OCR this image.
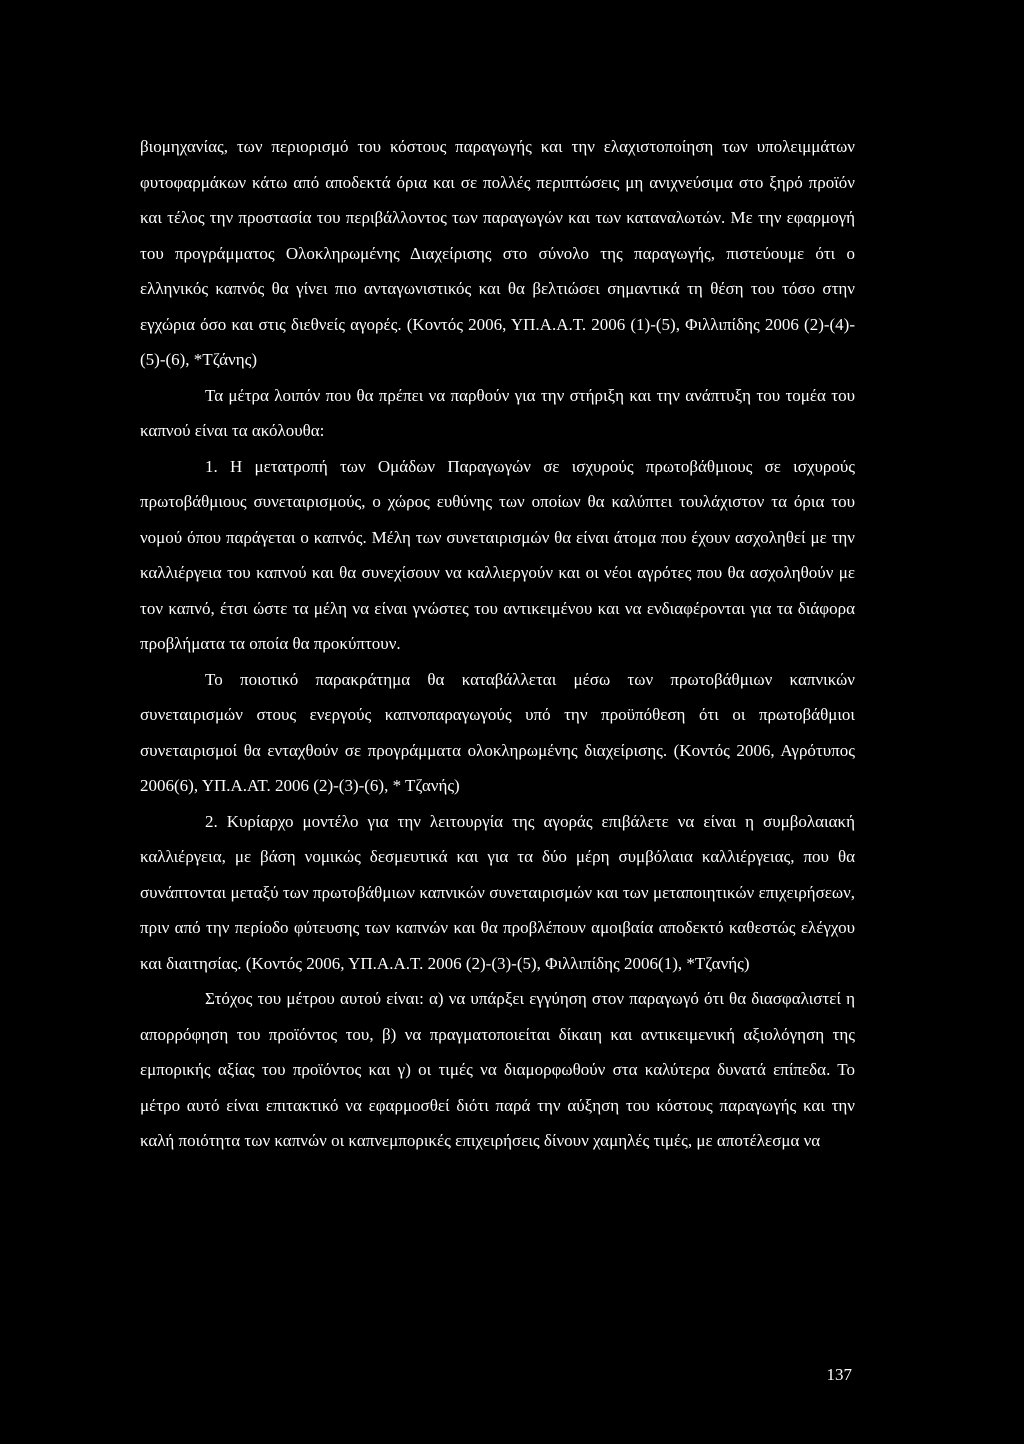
βιομηχανίας, των περιορισμό του κόστους παραγωγής και την ελαχιστοποίηση των υπολειμμάτων φυτοφαρμάκων κάτω από αποδεκτά όρια και σε πολλές περιπτώσεις μη ανιχνεύσιμα στο ξηρό προϊόν και τέλος την προστασία του περιβάλλοντος των παραγωγών και των καταναλωτών. Με την εφαρμογή του προγράμματος Ολοκληρωμένης Διαχείρισης στο σύνολο της παραγωγής, πιστεύουμε ότι ο ελληνικός καπνός θα γίνει πιο ανταγωνιστικός και θα βελτιώσει σημαντικά τη θέση του τόσο στην εγχώρια όσο και στις διεθνείς αγορές. (Κοντός 2006, ΥΠ.Α.Α.Τ. 2006 (1)-(5), Φιλλιπίδης 2006 (2)-(4)-(5)-(6), *Τζάνης)

Τα μέτρα λοιπόν που θα πρέπει να παρθούν για την στήριξη και την ανάπτυξη του τομέα του καπνού είναι τα ακόλουθα:

1. Η μετατροπή των Ομάδων Παραγωγών σε ισχυρούς πρωτοβάθμιους σε ισχυρούς πρωτοβάθμιους συνεταιρισμούς, ο χώρος ευθύνης των οποίων θα καλύπτει τουλάχιστον τα όρια του νομού όπου παράγεται ο καπνός. Μέλη των συνεταιρισμών θα είναι άτομα που έχουν ασχοληθεί με την καλλιέργεια του καπνού και θα συνεχίσουν να καλλιεργούν και οι νέοι αγρότες που θα ασχοληθούν με τον καπνό, έτσι ώστε τα μέλη να είναι γνώστες του αντικειμένου και να ενδιαφέρονται για τα διάφορα προβλήματα τα οποία θα προκύπτουν.

Το ποιοτικό παρακράτημα θα καταβάλλεται μέσω των πρωτοβάθμιων καπνικών συνεταιρισμών στους ενεργούς καπνοπαραγωγούς υπό την προϋπόθεση ότι οι πρωτοβάθμιοι συνεταιρισμοί θα ενταχθούν σε προγράμματα ολοκληρωμένης διαχείρισης. (Κοντός 2006, Αγρότυπος 2006(6), ΥΠ.Α.ΑΤ. 2006 (2)-(3)-(6), * Τζανής)

2. Κυρίαρχο μοντέλο για την λειτουργία της αγοράς επιβάλετε να είναι η συμβολαιακή καλλιέργεια, με βάση νομικώς δεσμευτικά και για τα δύο μέρη συμβόλαια καλλιέργειας, που θα συνάπτονται μεταξύ των πρωτοβάθμιων καπνικών συνεταιρισμών και των μεταποιητικών επιχειρήσεων, πριν από την περίοδο φύτευσης των καπνών και θα προβλέπουν αμοιβαία αποδεκτό καθεστώς ελέγχου και διαιτησίας. (Κοντός 2006, ΥΠ.Α.Α.Τ. 2006 (2)-(3)-(5), Φιλλιπίδης 2006(1), *Τζανής)

Στόχος του μέτρου αυτού είναι: α) να υπάρξει εγγύηση στον παραγωγό ότι θα διασφαλιστεί η απορρόφηση του προϊόντος του, β) να πραγματοποιείται δίκαιη και αντικειμενική αξιολόγηση της εμπορικής αξίας του προϊόντος και γ) οι τιμές να διαμορφωθούν στα καλύτερα δυνατά επίπεδα. Το μέτρο αυτό είναι επιτακτικό να εφαρμοσθεί διότι παρά την αύξηση του κόστους παραγωγής και την καλή ποιότητα των καπνών οι καπνεμπορικές επιχειρήσεις δίνουν χαμηλές τιμές, με αποτέλεσμα να

137
